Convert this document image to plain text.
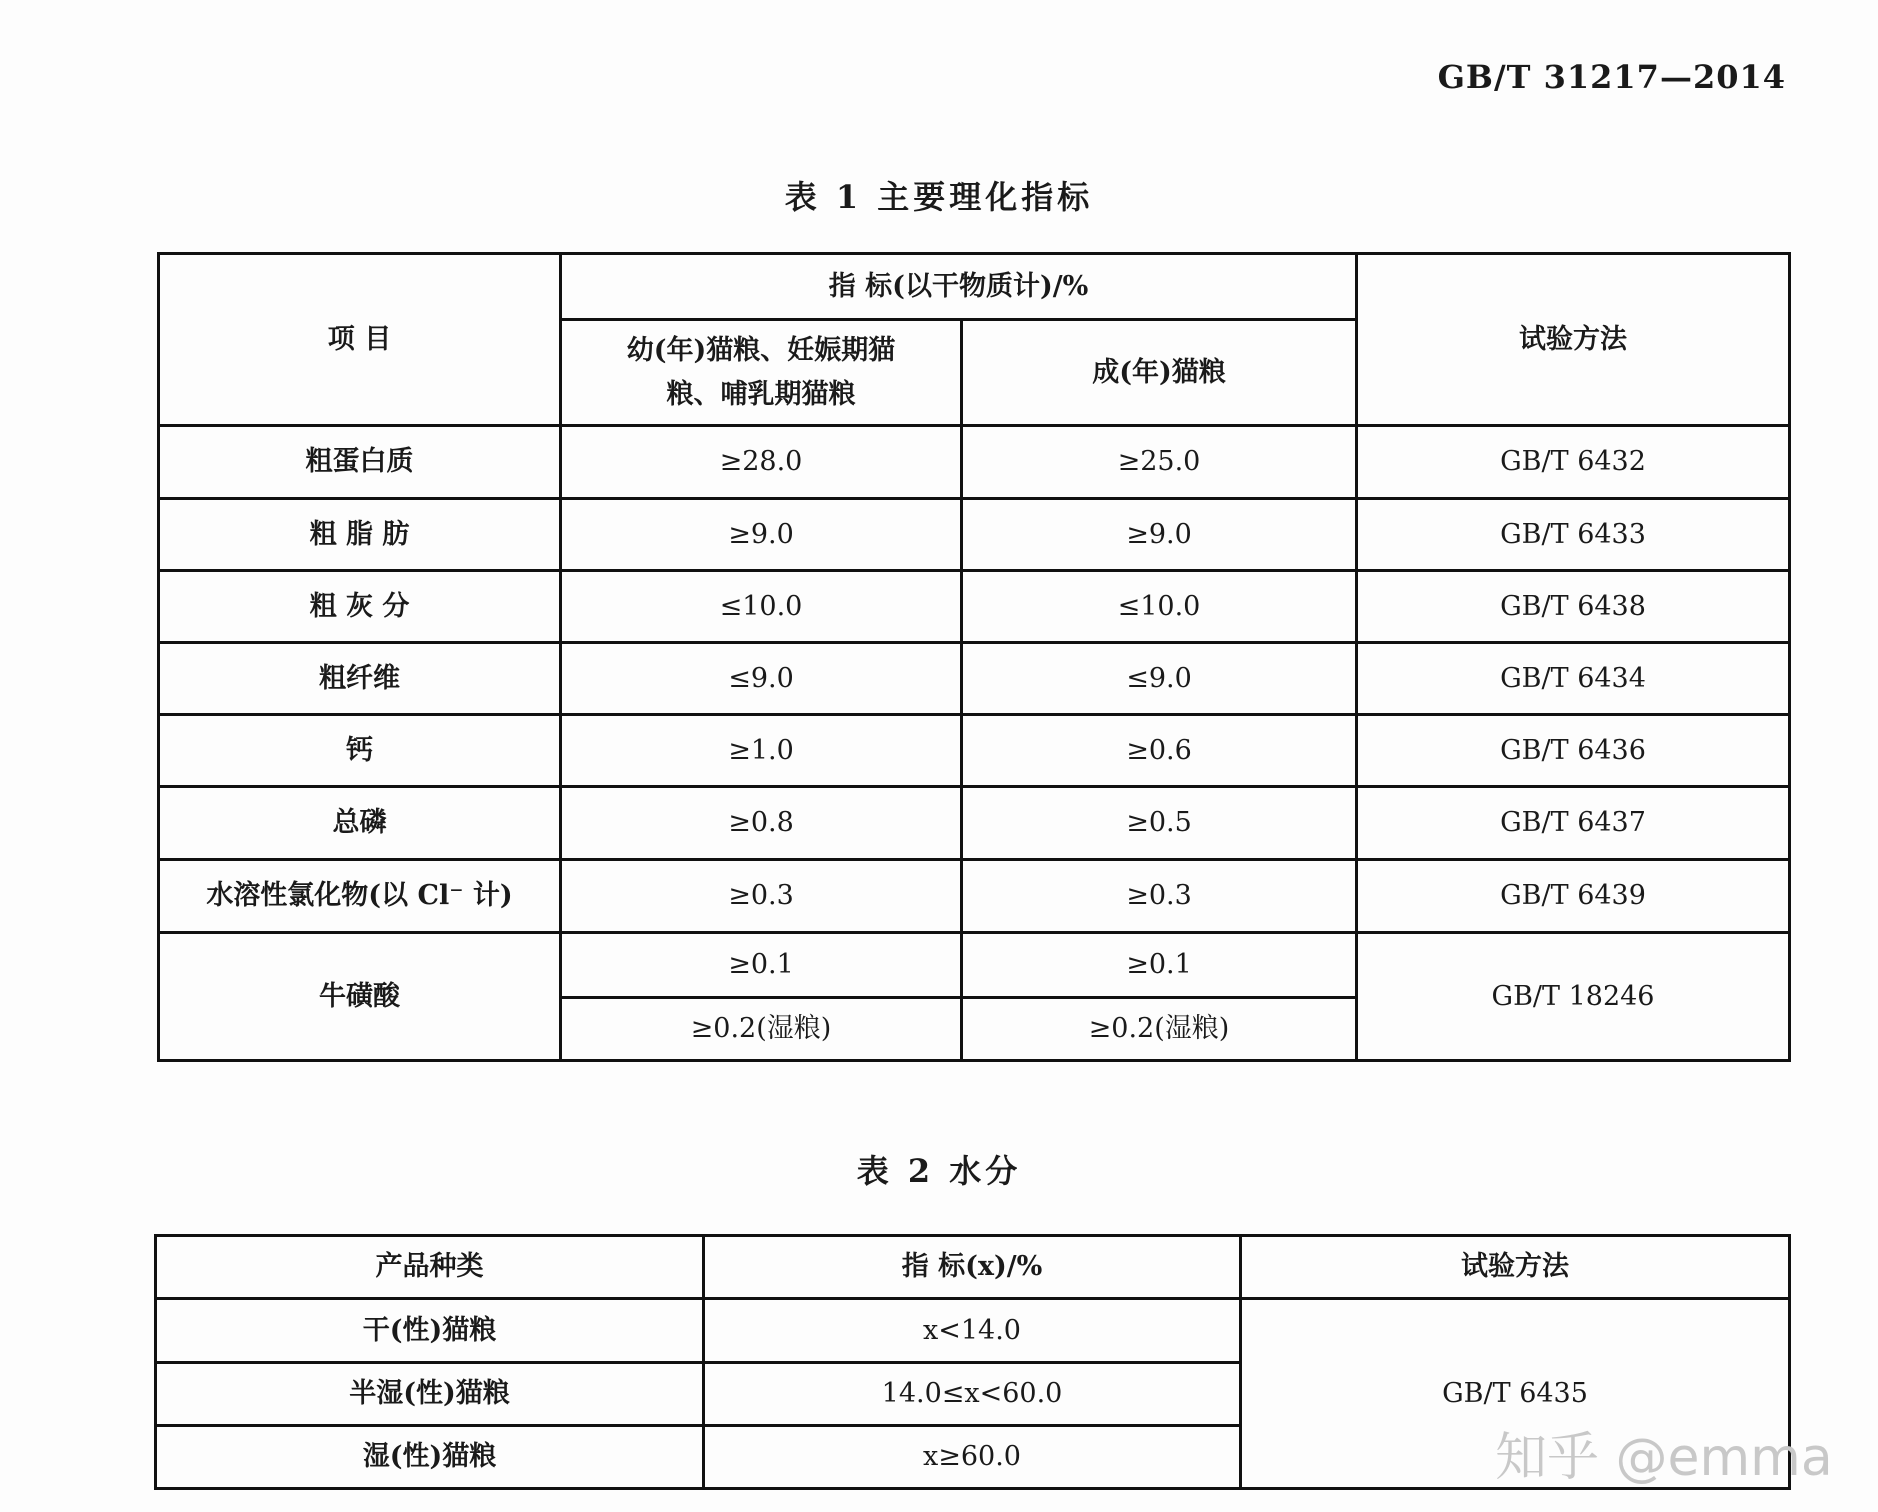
GB/T 31217—2014
表 1 主要理化指标
项 目	指 标(以干物质计)/%		试验方法
	幼(年)猫粮、妊娠期猫粮、哺乳期猫粮	成(年)猫粮	
粗蛋白质	≥28.0	≥25.0	GB/T 6432
粗 脂 肪	≥9.0	≥9.0	GB/T 6433
粗 灰 分	≤10.0	≤10.0	GB/T 6438
粗纤维	≤9.0	≤9.0	GB/T 6434
钙	≥1.0	≥0.6	GB/T 6436
总磷	≥0.8	≥0.5	GB/T 6437
水溶性氯化物(以 Cl⁻ 计)	≥0.3	≥0.3	GB/T 6439
牛磺酸	≥0.1	≥0.1	GB/T 18246
	≥0.2(湿粮)	≥0.2(湿粮)	
表 2 水分
产品种类	指 标(x)/%	试验方法
干(性)猫粮	x<14.0	GB/T 6435
半湿(性)猫粮	14.0≤x<60.0	
湿(性)猫粮	x≥60.0		知乎 @emma
